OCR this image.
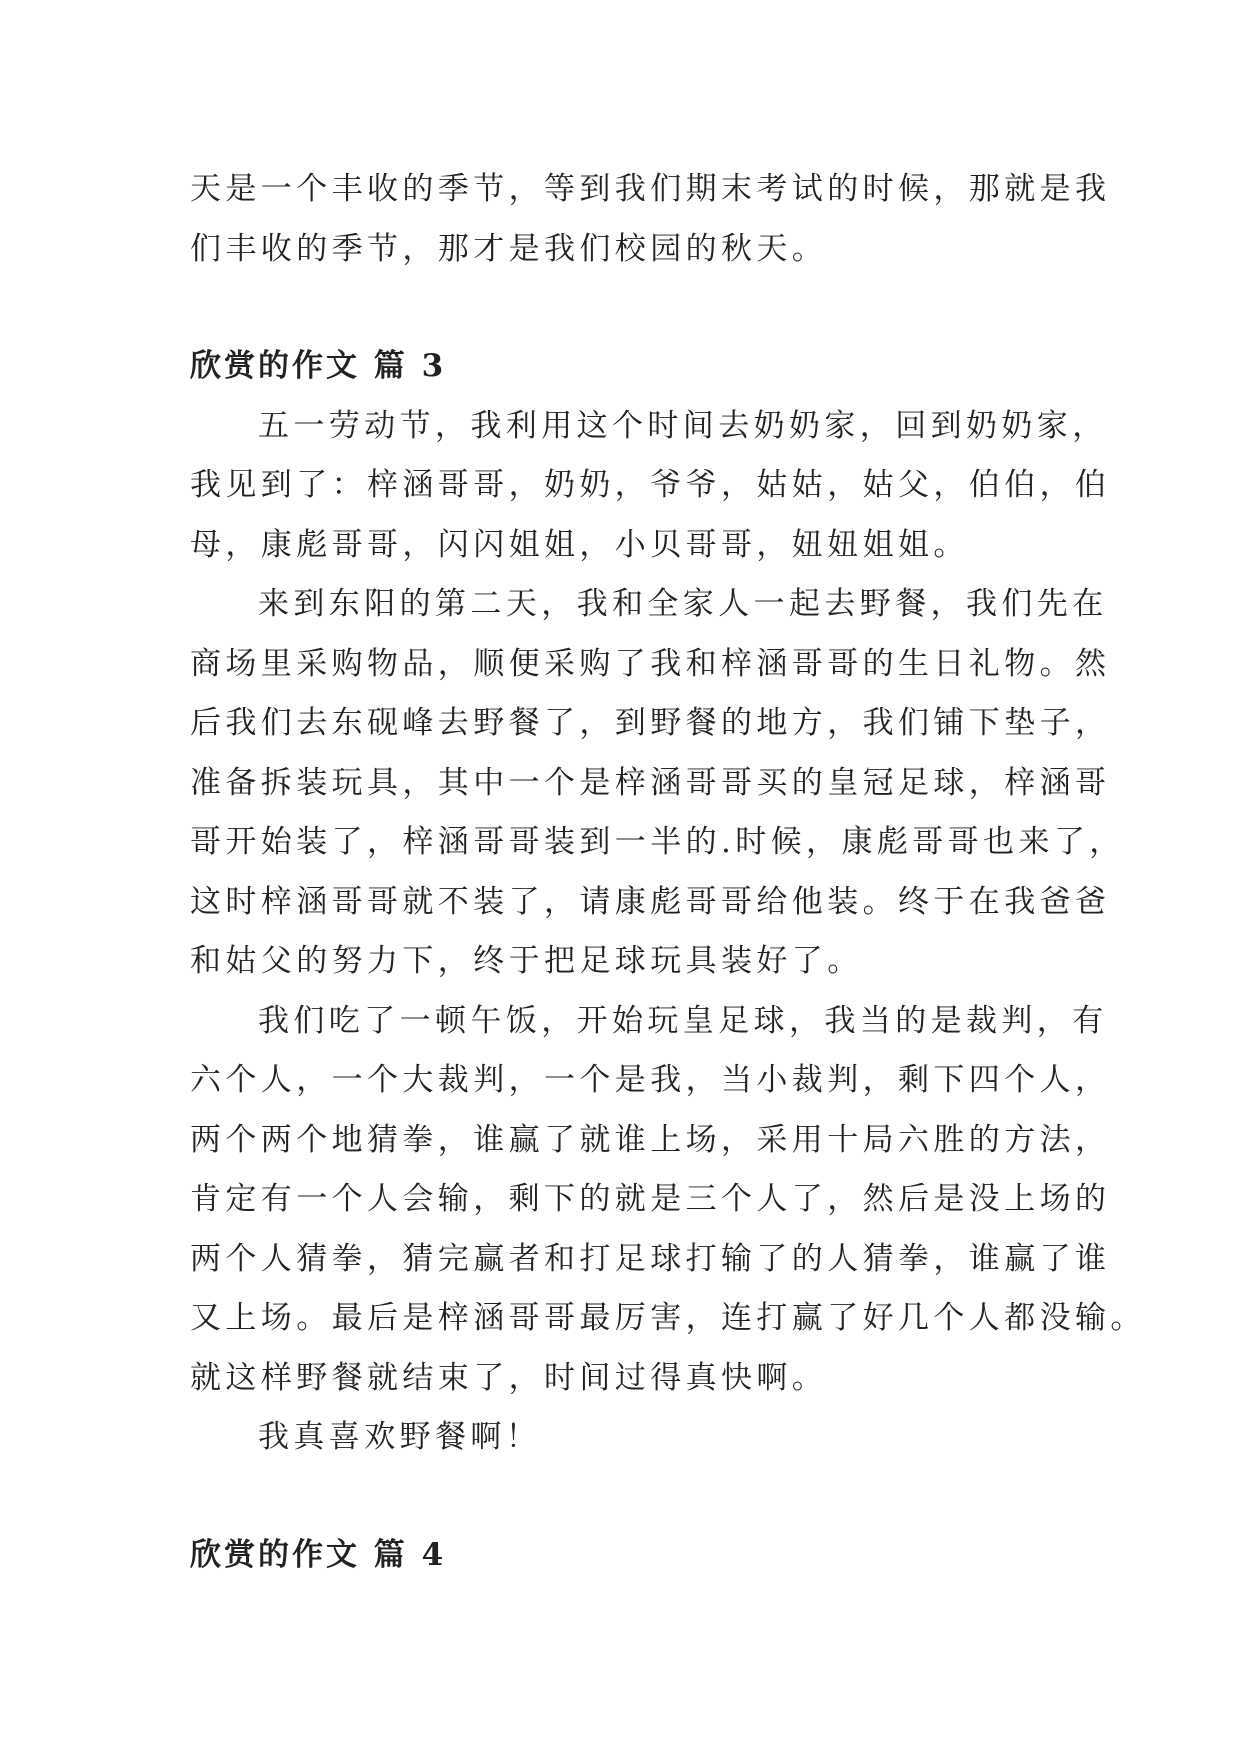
天是一个丰收的季节，等到我们期末考试的时候，那就是我

们丰收的季节，那才是我们校园的秋天。

欣赏的作文 篇 3

五一劳动节，我利用这个时间去奶奶家，回到奶奶家，

我见到了：梓涵哥哥，奶奶，爷爷，姑姑，姑父，伯伯，伯

母，康彪哥哥，闪闪姐姐，小贝哥哥，妞妞姐姐。

来到东阳的第二天，我和全家人一起去野餐，我们先在

商场里采购物品，顺便采购了我和梓涵哥哥的生日礼物。然

后我们去东砚峰去野餐了，到野餐的地方，我们铺下垫子，

准备拆装玩具，其中一个是梓涵哥哥买的皇冠足球，梓涵哥

哥开始装了，梓涵哥哥装到一半的.时候，康彪哥哥也来了，

这时梓涵哥哥就不装了，请康彪哥哥给他装。终于在我爸爸

和姑父的努力下，终于把足球玩具装好了。

我们吃了一顿午饭，开始玩皇足球，我当的是裁判，有

六个人，一个大裁判，一个是我，当小裁判，剩下四个人，

两个两个地猜拳，谁赢了就谁上场，采用十局六胜的方法，

肯定有一个人会输，剩下的就是三个人了，然后是没上场的

两个人猜拳，猜完赢者和打足球打输了的人猜拳，谁赢了谁

又上场。最后是梓涵哥哥最厉害，连打赢了好几个人都没输。

就这样野餐就结束了，时间过得真快啊。

我真喜欢野餐啊！

欣赏的作文 篇 4
